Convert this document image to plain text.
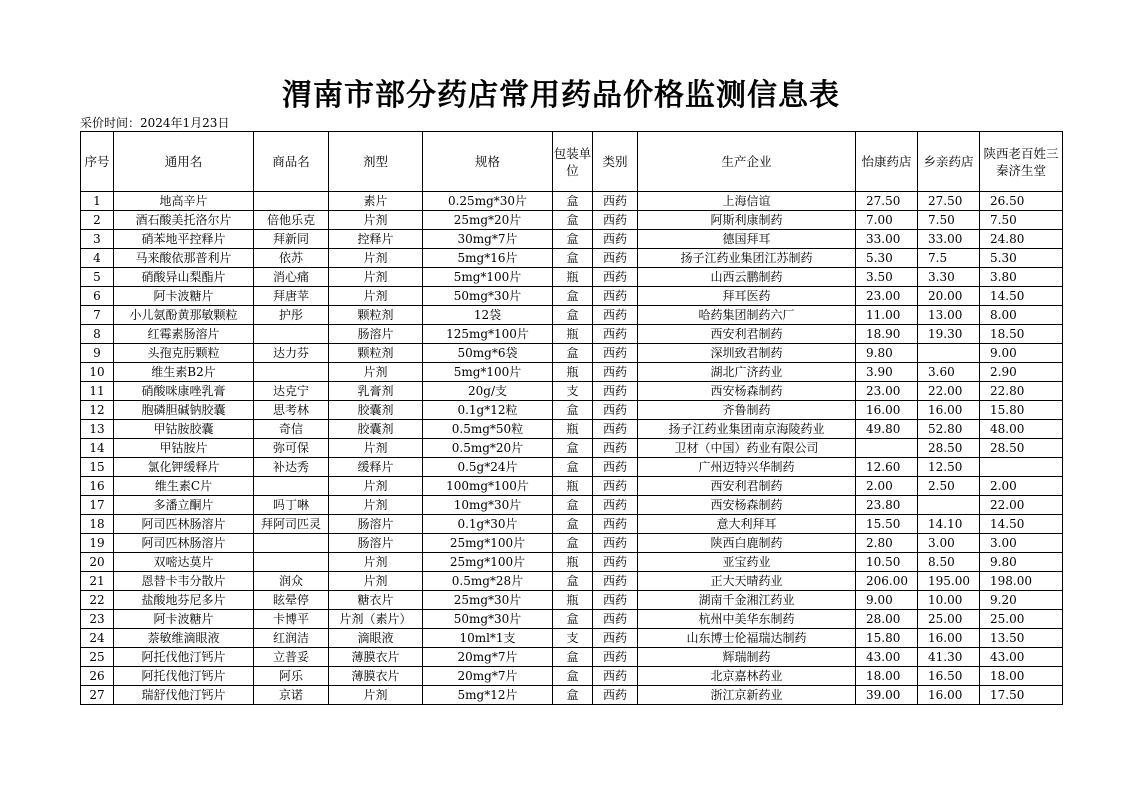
渭南市部分药店常用药品价格监测信息表
采价时间：2024年1月23日
序号	通用名	商品名	剂型	规格	包装单位	类别	生产企业	怡康药店	乡亲药店	陕西老百姓三秦济生堂
1	地高辛片		素片	0.25mg*30片	盒	西药	上海信谊	27.50	27.50	26.50
2	酒石酸美托洛尔片	倍他乐克	片剂	25mg*20片	盒	西药	阿斯利康制药	7.00	7.50	7.50
3	硝苯地平控释片	拜新同	控释片	30mg*7片	盒	西药	德国拜耳	33.00	33.00	24.80
4	马来酸依那普利片	依苏	片剂	5mg*16片	盒	西药	扬子江药业集团江苏制药	5.30	7.5	5.30
5	硝酸异山梨酯片	消心痛	片剂	5mg*100片	瓶	西药	山西云鹏制药	3.50	3.30	3.80
6	阿卡波糖片	拜唐苹	片剂	50mg*30片	盒	西药	拜耳医药	23.00	20.00	14.50
7	小儿氨酚黄那敏颗粒	护彤	颗粒剂	12袋	盒	西药	哈药集团制药六厂	11.00	13.00	8.00
8	红霉素肠溶片		肠溶片	125mg*100片	瓶	西药	西安利君制药	18.90	19.30	18.50
9	头孢克肟颗粒	达力芬	颗粒剂	50mg*6袋	盒	西药	深圳致君制药	9.80		9.00
10	维生素B2片		片剂	5mg*100片	瓶	西药	湖北广济药业	3.90	3.60	2.90
11	硝酸咪康唑乳膏	达克宁	乳膏剂	20g/支	支	西药	西安杨森制药	23.00	22.00	22.80
12	胞磷胆碱钠胶囊	思考林	胶囊剂	0.1g*12粒	盒	西药	齐鲁制药	16.00	16.00	15.80
13	甲钴胺胶囊	奇信	胶囊剂	0.5mg*50粒	瓶	西药	扬子江药业集团南京海陵药业	49.80	52.80	48.00
14	甲钴胺片	弥可保	片剂	0.5mg*20片	盒	西药	卫材（中国）药业有限公司		28.50	28.50
15	氯化钾缓释片	补达秀	缓释片	0.5g*24片	盒	西药	广州迈特兴华制药	12.60	12.50	
16	维生素C片		片剂	100mg*100片	瓶	西药	西安利君制药	2.00	2.50	2.00
17	多潘立酮片	吗丁啉	片剂	10mg*30片	盒	西药	西安杨森制药	23.80		22.00
18	阿司匹林肠溶片	拜阿司匹灵	肠溶片	0.1g*30片	盒	西药	意大利拜耳	15.50	14.10	14.50
19	阿司匹林肠溶片		肠溶片	25mg*100片	盒	西药	陕西白鹿制药	2.80	3.00	3.00
20	双嘧达莫片		片剂	25mg*100片	瓶	西药	亚宝药业	10.50	8.50	9.80
21	恩替卡韦分散片	润众	片剂	0.5mg*28片	盒	西药	正大天晴药业	206.00	195.00	198.00
22	盐酸地芬尼多片	眩晕停	糖衣片	25mg*30片	瓶	西药	湖南千金湘江药业	9.00	10.00	9.20
23	阿卡波糖片	卡博平	片剂（素片）	50mg*30片	盒	西药	杭州中美华东制药	28.00	25.00	25.00
24	萘敏维滴眼液	红润洁	滴眼液	10ml*1支	支	西药	山东博士伦福瑞达制药	15.80	16.00	13.50
25	阿托伐他汀钙片	立普妥	薄膜衣片	20mg*7片	盒	西药	辉瑞制药	43.00	41.30	43.00
26	阿托伐他汀钙片	阿乐	薄膜衣片	20mg*7片	盒	西药	北京嘉林药业	18.00	16.50	18.00
27	瑞舒伐他汀钙片	京诺	片剂	5mg*12片	盒	西药	浙江京新药业	39.00	16.00	17.50
